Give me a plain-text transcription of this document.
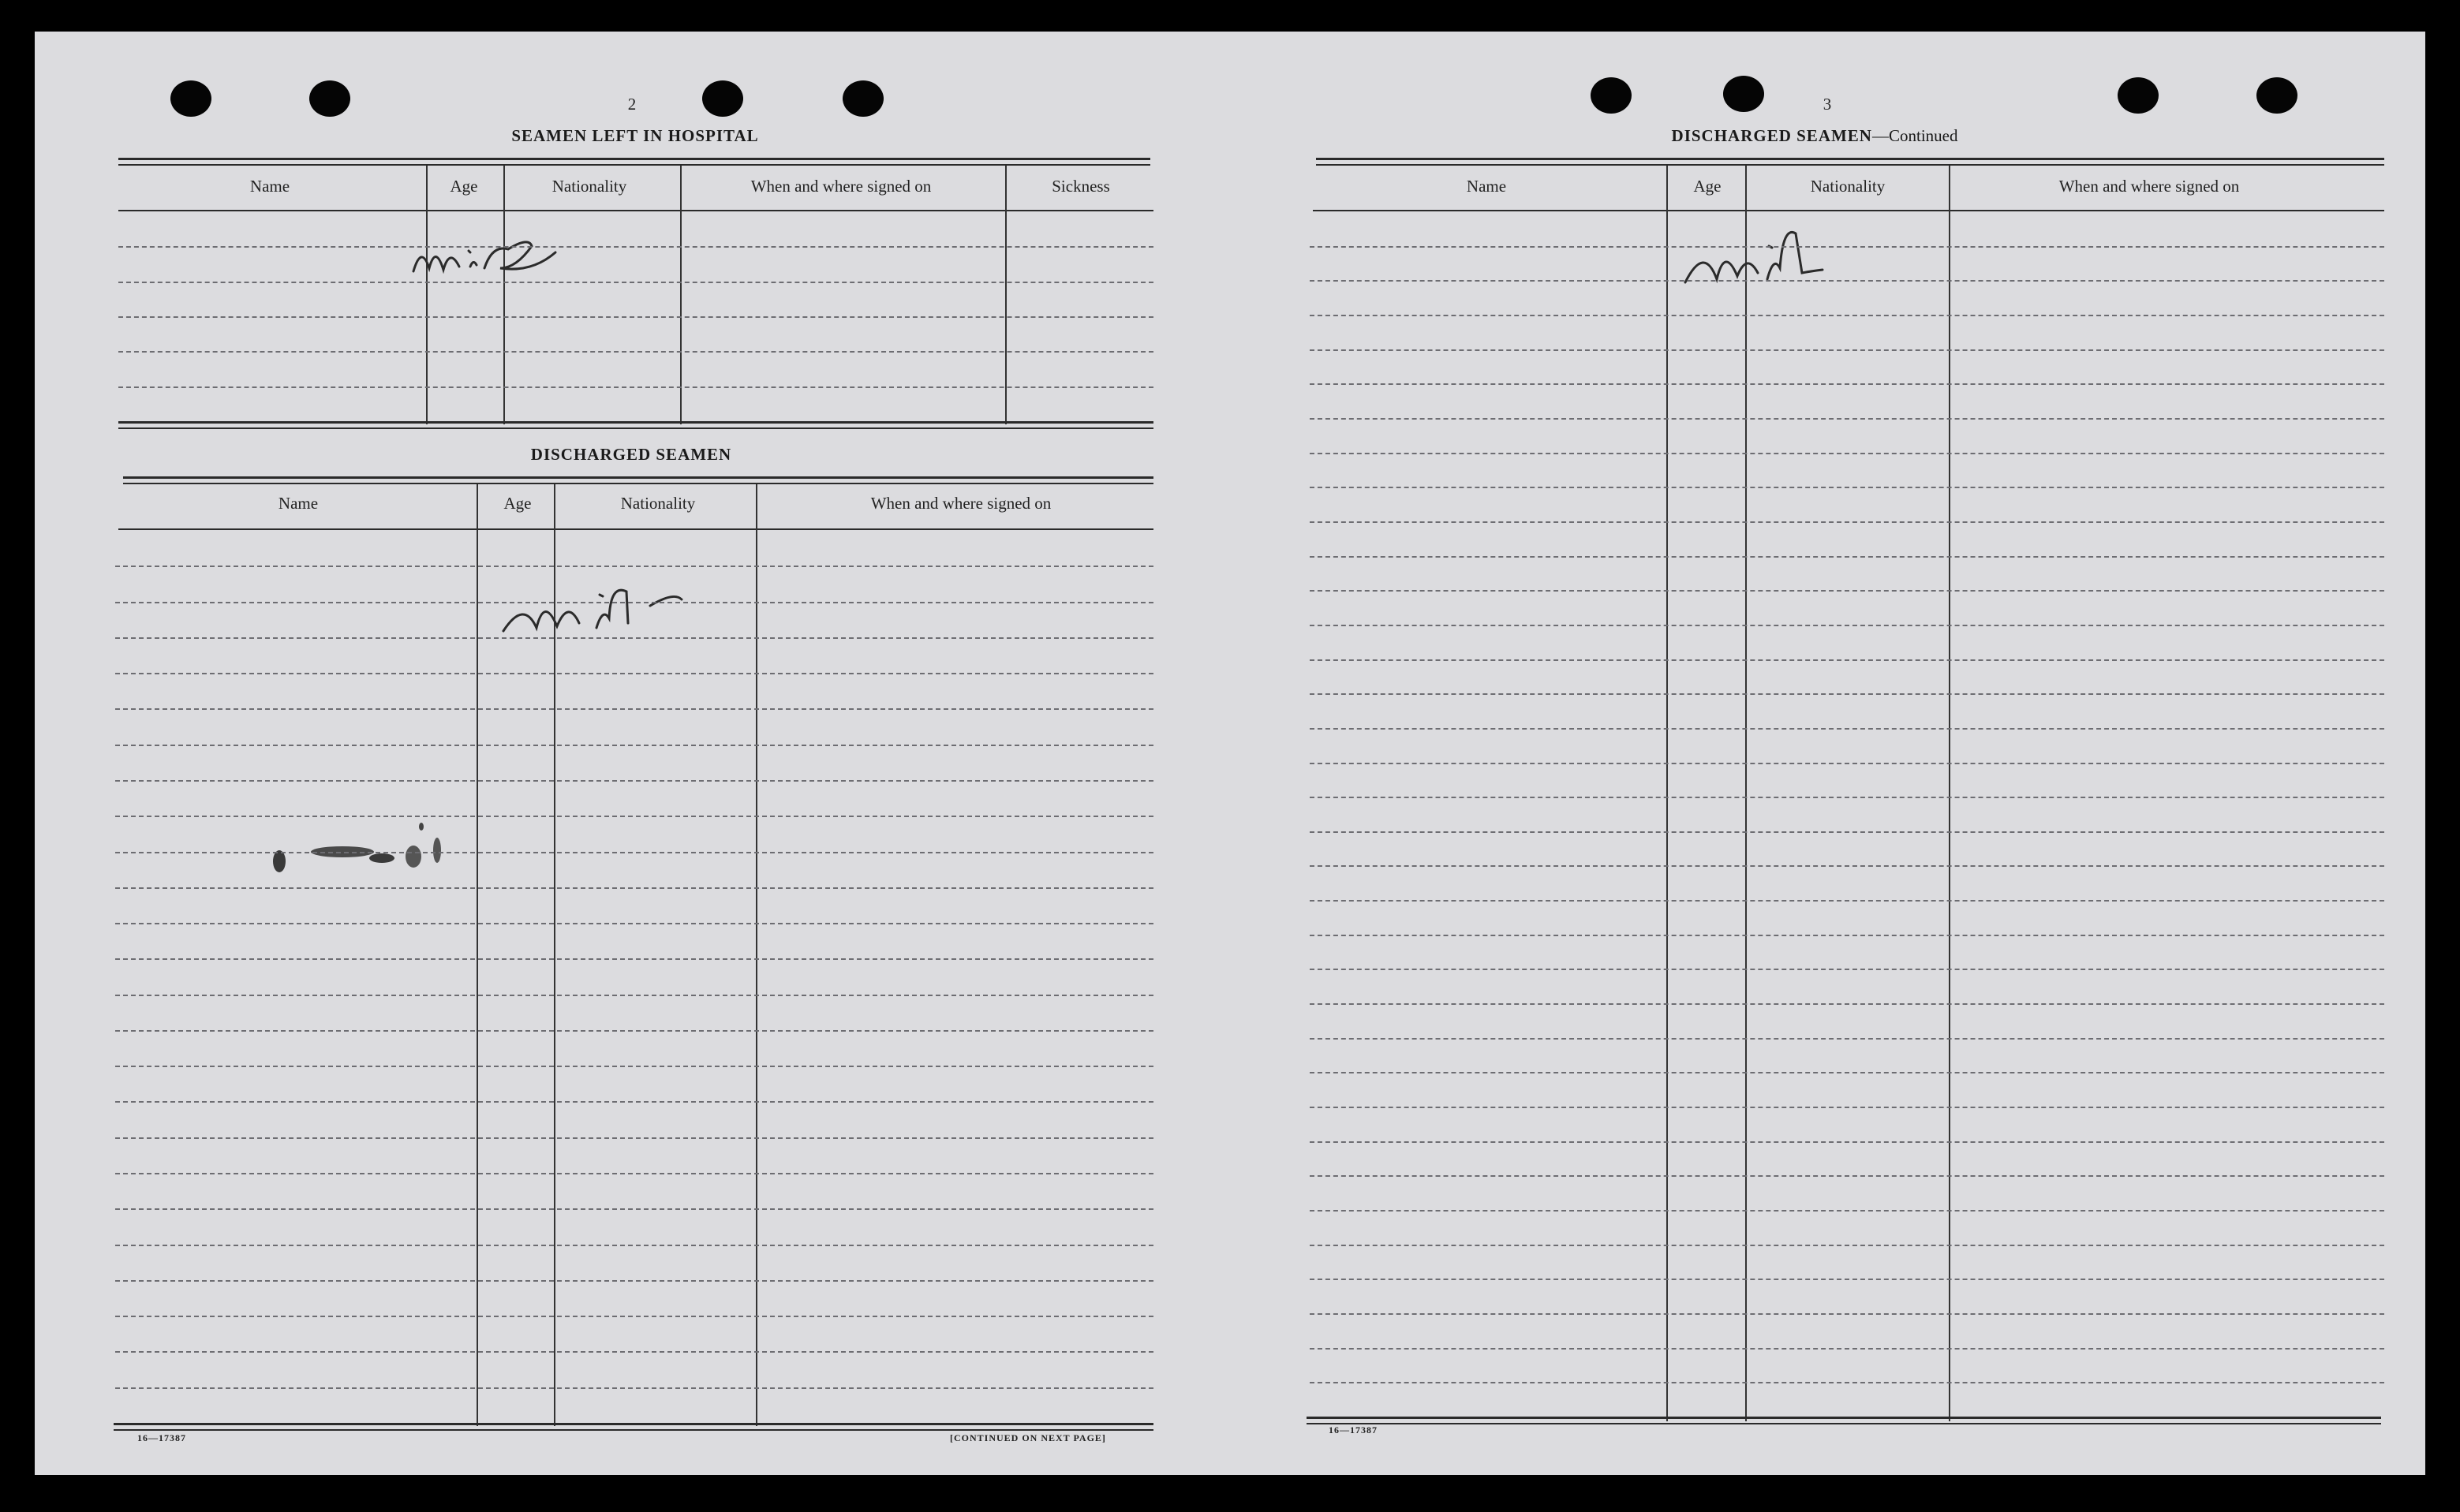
2
SEAMEN LEFT IN HOSPITAL
Name	Age	Nationality	When and where signed on	Sickness
nil
DISCHARGED SEAMEN
Name	Age	Nationality	When and where signed on
nil
16—17387	[CONTINUED ON NEXT PAGE]
3
DISCHARGED SEAMEN—Continued
Name	Age	Nationality	When and where signed on
nil
16—17387
